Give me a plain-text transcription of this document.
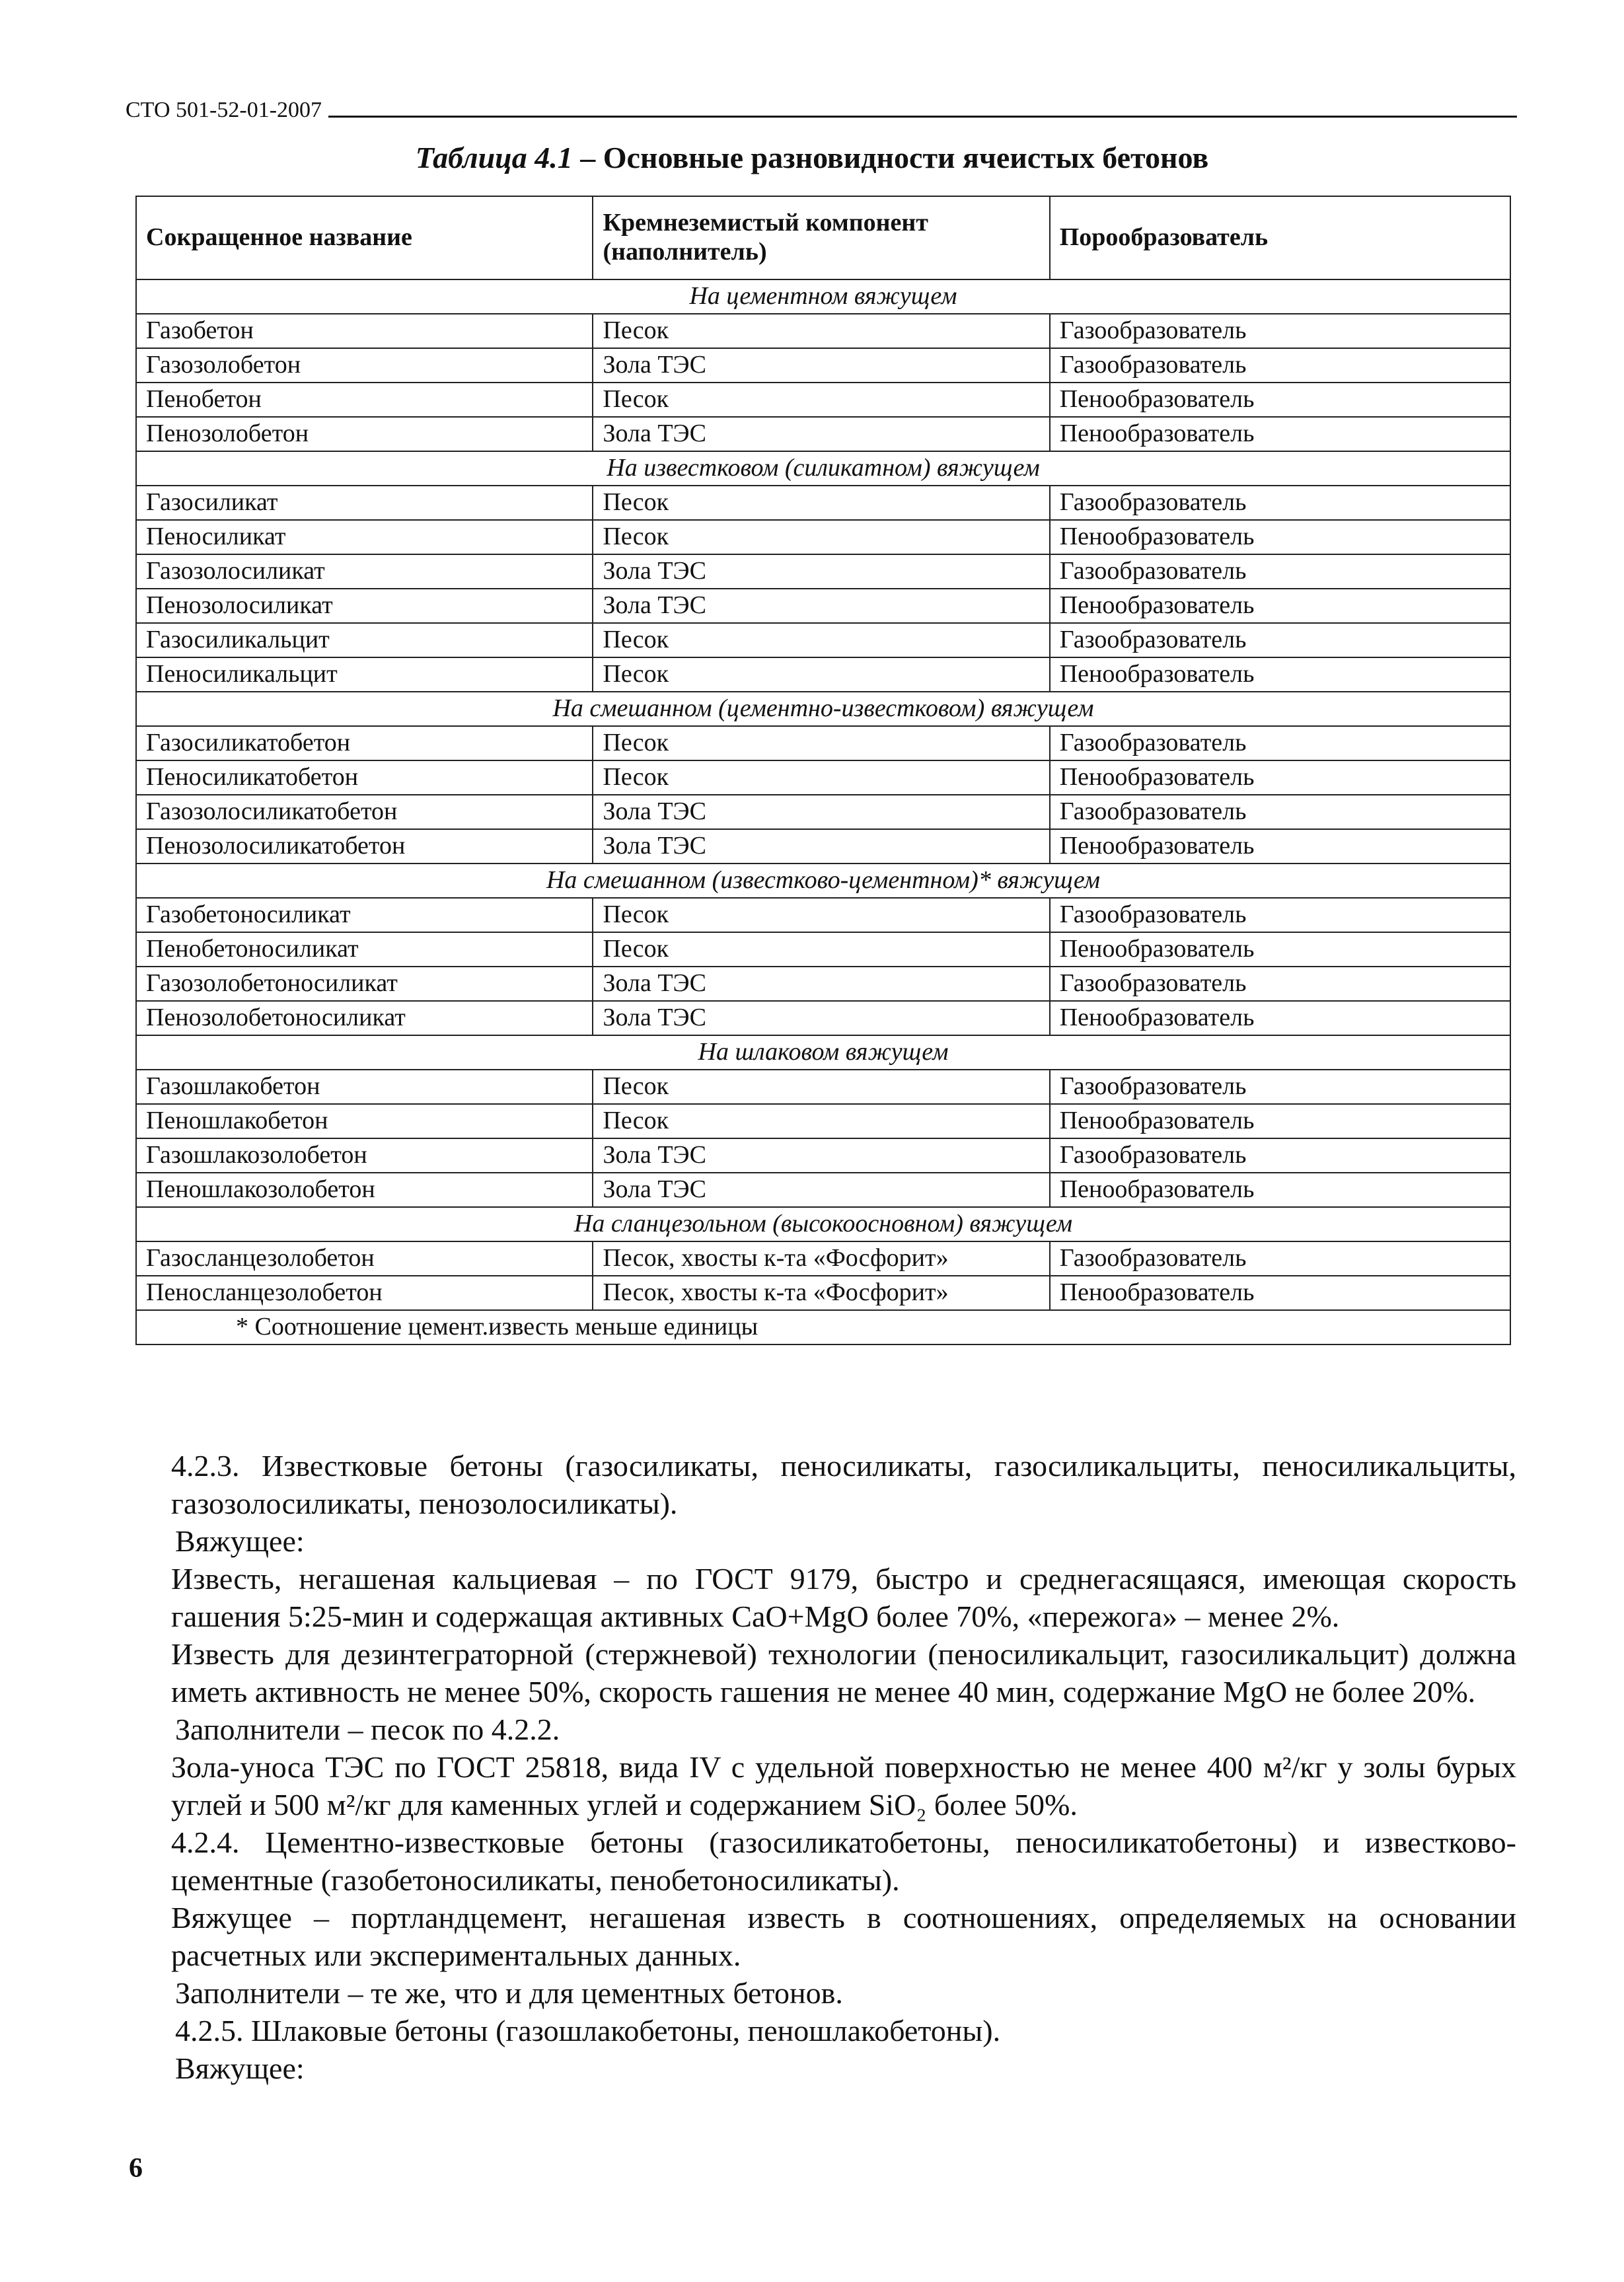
СТО 501-52-01-2007
Таблица 4.1 – Основные разновидности ячеистых бетонов
Сокращенное название	Кремнеземистый компонент (наполнитель)	Порообразователь
На цементном вяжущем		
Газобетон	Песок	Газообразователь
Газозолобетон	Зола ТЭС	Газообразователь
Пенобетон	Песок	Пенообразователь
Пенозолобетон	Зола ТЭС	Пенообразователь
На известковом (силикатном) вяжущем		
Газосиликат	Песок	Газообразователь
Пеносиликат	Песок	Пенообразователь
Газозолосиликат	Зола ТЭС	Газообразователь
Пенозолосиликат	Зола ТЭС	Пенообразователь
Газосиликальцит	Песок	Газообразователь
Пеносиликальцит	Песок	Пенообразователь
На смешанном (цементно-известковом) вяжущем		
Газосиликатобетон	Песок	Газообразователь
Пеносиликатобетон	Песок	Пенообразователь
Газозолосиликатобетон	Зола ТЭС	Газообразователь
Пенозолосиликатобетон	Зола ТЭС	Пенообразователь
На смешанном (известково-цементном)* вяжущем		
Газобетоносиликат	Песок	Газообразователь
Пенобетоносиликат	Песок	Пенообразователь
Газозолобетоносиликат	Зола ТЭС	Газообразователь
Пенозолобетоносиликат	Зола ТЭС	Пенообразователь
На шлаковом вяжущем		
Газошлакобетон	Песок	Газообразователь
Пеношлакобетон	Песок	Пенообразователь
Газошлакозолобетон	Зола ТЭС	Газообразователь
Пеношлакозолобетон	Зола ТЭС	Пенообразователь
На сланцезольном (высокоосновном) вяжущем		
Газосланцезолобетон	Песок, хвосты к-та «Фосфорит»	Газообразователь
Пеносланцезолобетон	Песок, хвосты к-та «Фосфорит»	Пенообразователь
* Соотношение цемент.известь меньше единицы		

4.2.3. Известковые бетоны (газосиликаты, пеносиликаты, газосиликальциты, пеносиликальциты, газозолосиликаты, пенозолосиликаты).

Вяжущее:

Известь, негашеная кальциевая – по ГОСТ 9179, быстро и среднегасящаяся, имеющая скорость гашения 5:25-мин и содержащая активных CaO+MgO более 70%, «пережога» – менее 2%.

Известь для дезинтеграторной (стержневой) технологии (пеносиликальцит, газосиликальцит) должна иметь активность не менее 50%, скорость гашения не менее 40 мин, содержание MgO не более 20%.

Заполнители – песок по 4.2.2.

Зола-уноса ТЭС по ГОСТ 25818, вида IV с удельной поверхностью не менее 400 м²/кг у золы бурых углей и 500 м²/кг для каменных углей и содержанием SiO₂ более 50%.

4.2.4. Цементно-известковые бетоны (газосиликатобетоны, пеносиликатобетоны) и известково-цементные (газобетоносиликаты, пенобетоносиликаты).

Вяжущее – портландцемент, негашеная известь в соотношениях, определяемых на основании расчетных или экспериментальных данных.

Заполнители – те же, что и для цементных бетонов.

4.2.5. Шлаковые бетоны (газошлакобетоны, пеношлакобетоны).

Вяжущее:

6
